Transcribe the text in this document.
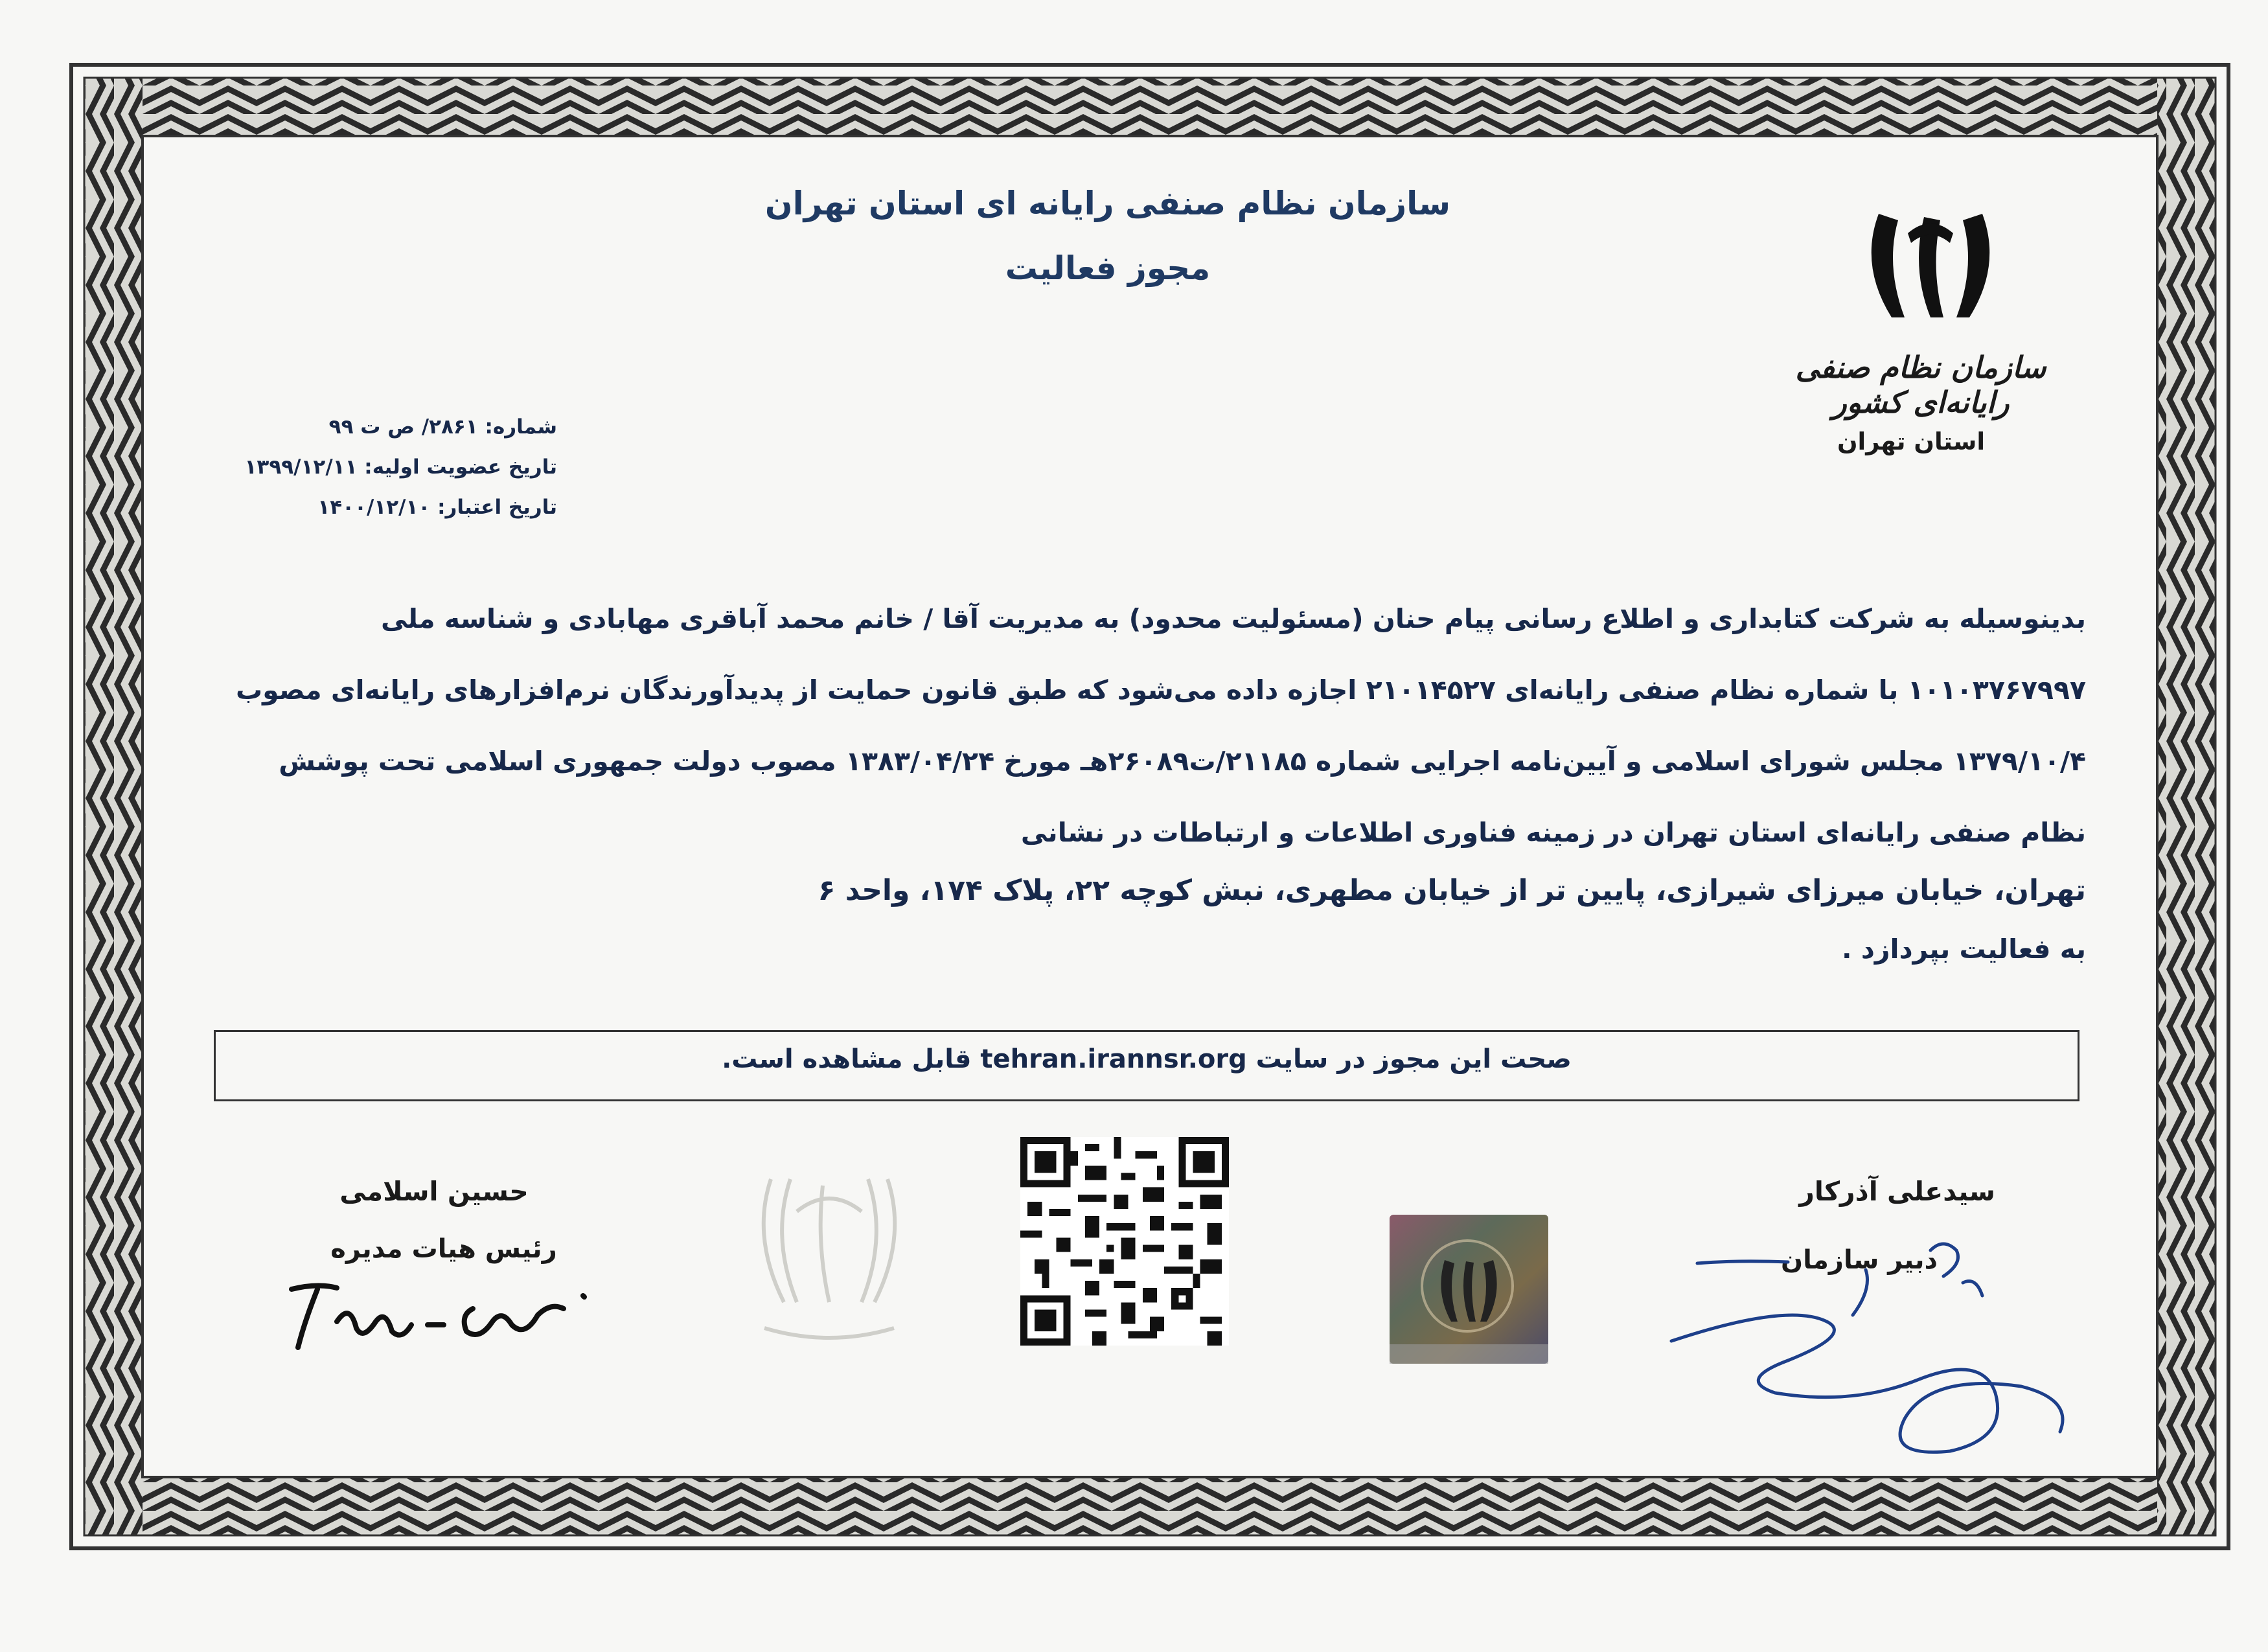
سازمان نظام صنفی رایانه ای استان تهران
مجوز فعالیت
سازمان نظام صنفی رایانه‌ای کشور
استان تهران
شماره: ۲۸۶۱/ ص ت ۹۹
تاریخ عضویت اولیه: ۱۳۹۹/۱۲/۱۱
تاریخ اعتبار: ۱۴۰۰/۱۲/۱۰
بدینوسیله به شرکت کتابداری و اطلاع رسانی پیام حنان (مسئولیت محدود) به مدیریت آقا / خانم محمد آباقری مهابادی و شناسه ملی
۱۰۱۰۳۷۶۷۹۹۷ با شماره نظام صنفی رایانه‌ای ۲۱۰۱۴۵۲۷ اجازه داده می‌شود که طبق قانون حمایت از پدیدآورندگان نرم‌افزارهای رایانه‌ای مصوب
۱۳۷۹/۱۰/۴ مجلس شورای اسلامی و آیین‌نامه اجرایی شماره ۲۱۱۸۵/ت۲۶۰۸۹هـ مورخ ۱۳۸۳/۰۴/۲۴ مصوب دولت جمهوری اسلامی تحت پوشش
نظام صنفی رایانه‌ای استان تهران در زمینه فناوری اطلاعات و ارتباطات در نشانی
تهران، خیابان میرزای شیرازی، پایین تر از خیابان مطهری، نبش کوچه ۲۲، پلاک ۱۷۴، واحد ۶
به فعالیت بپردازد .
صحت این مجوز در سایت tehran.irannsr.org قابل مشاهده است.
سیدعلی آذرکار
دبیر سازمان
حسین اسلامی
رئیس هیات مدیره
